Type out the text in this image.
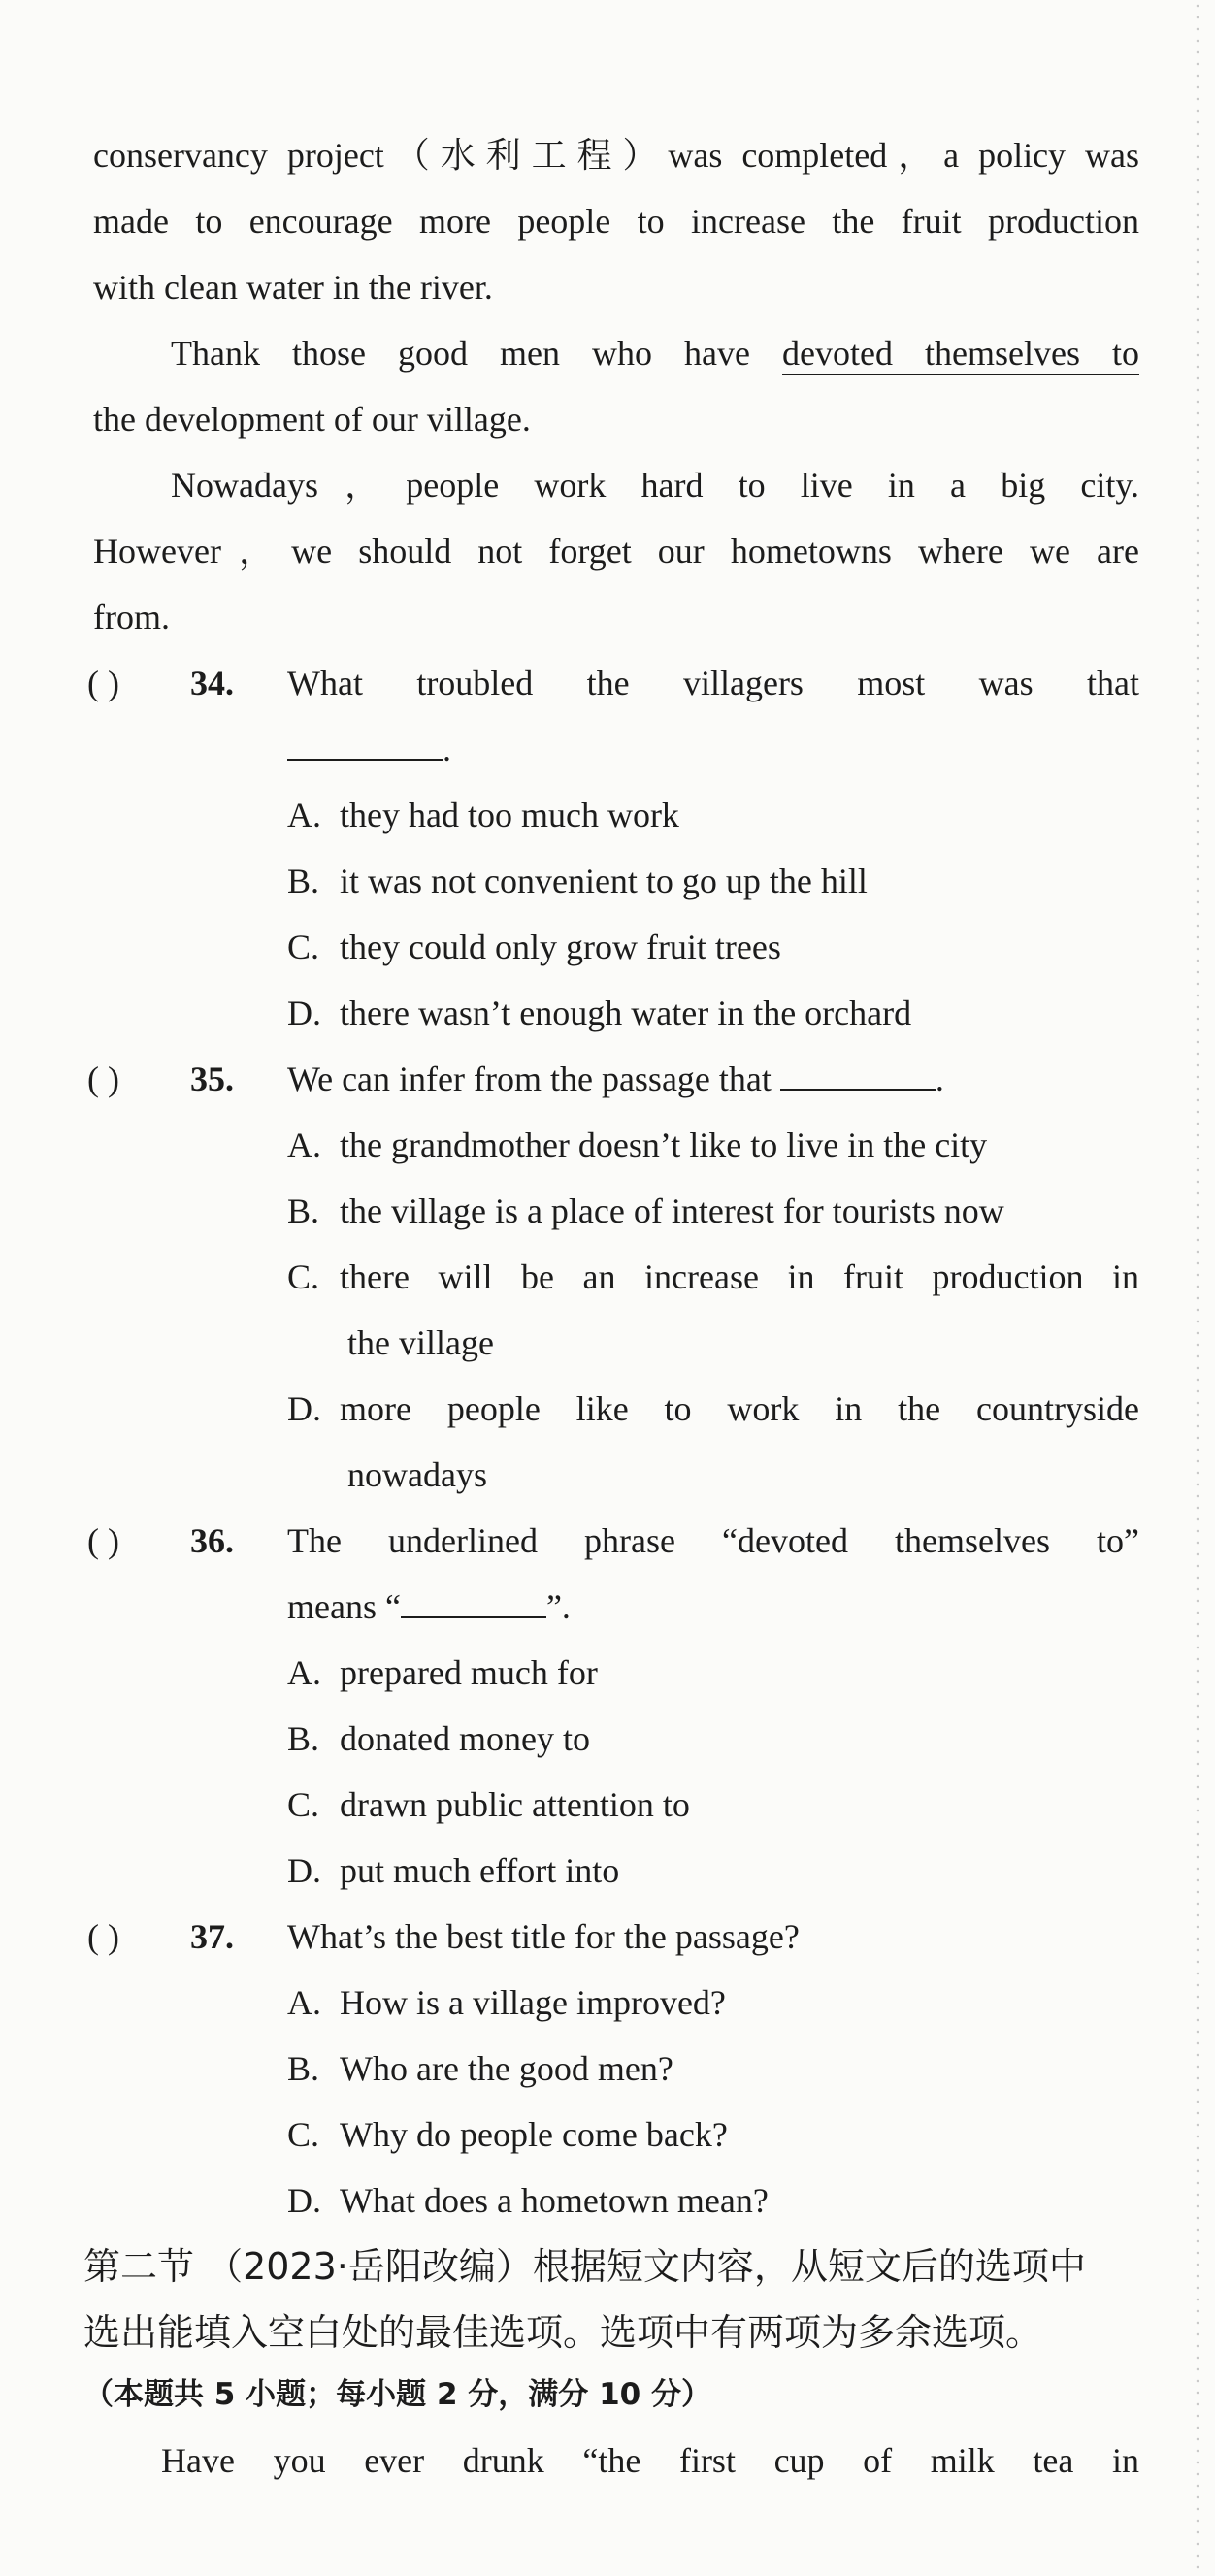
conservancy project（水利工程）was completed，a policy was
made to encourage more people to increase the fruit production
with clean water in the river.
Thank those good men who have devoted themselves to
the development of our village.
Nowadays，people work hard to live in a big city.
However，we should not forget our hometowns where we are
from.
( ) 34. What troubled the villagers most was that
.
A. they had too much work
B. it was not convenient to go up the hill
C. they could only grow fruit trees
D. there wasn’t enough water in the orchard
( ) 35. We can infer from the passage that	.
A. the grandmother doesn’t like to live in the city
B. the village is a place of interest for tourists now
C. there will be an increase in fruit production in
the village
D. more people like to work in the countryside
nowadays
( ) 36. The underlined phrase “devoted themselves to”
means “	”.
A. prepared much for
B. donated money to
C. drawn public attention to
D. put much effort into
( ) 37. What’s the best title for the passage?
A. How is a village improved?
B. Who are the good men?
C. Why do people come back?
D. What does a hometown mean?
第二节 （2023·岳阳改编）根据短文内容，从短文后的选项中
选出能填入空白处的最佳选项。选项中有两项为多余选项。
（本题共 5 小题；每小题 2 分，满分 10 分）
Have you ever drunk “the first cup of milk tea in
